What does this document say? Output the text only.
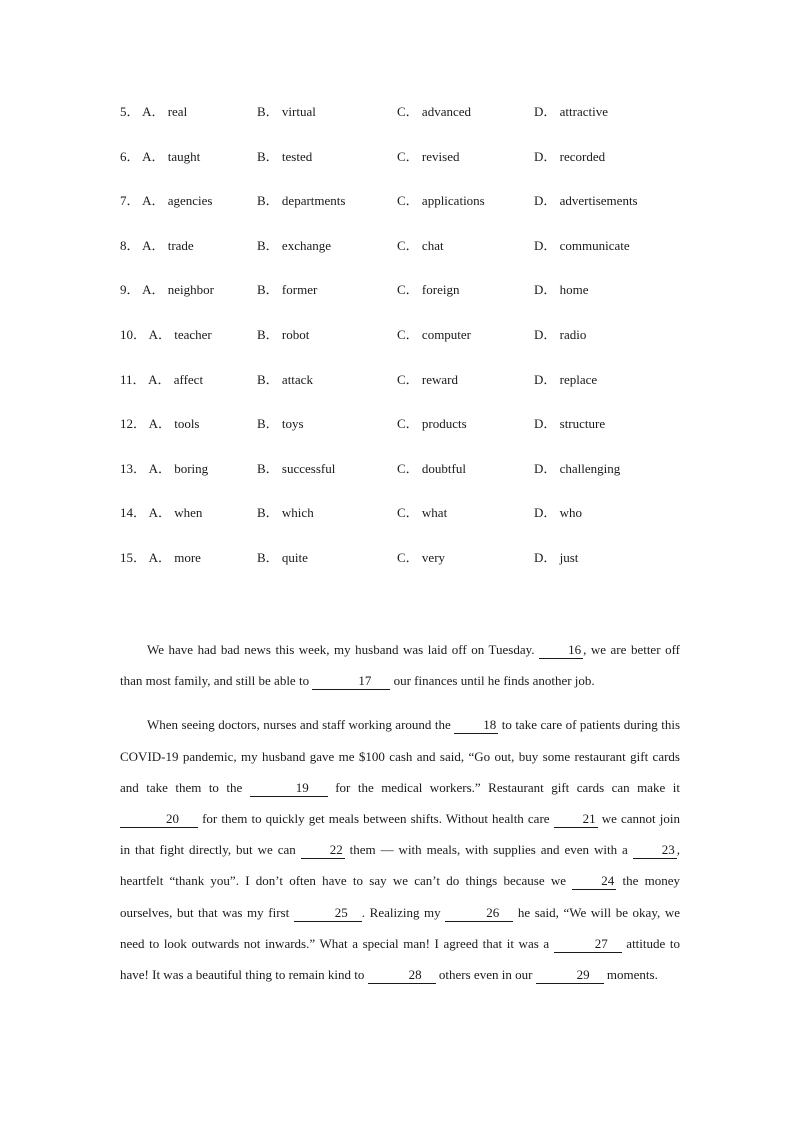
5． A． real	B． virtual	C． advanced	D． attractive
6． A． taught	B． tested	C． revised	D． recorded
7． A． agencies	B． departments	C． applications	D． advertisements
8． A． trade	B． exchange	C． chat	D． communicate
9． A． neighbor	B． former	C． foreign	D． home
10． A． teacher	B． robot	C． computer	D． radio
11． A． affect	B． attack	C． reward	D． replace
12． A． tools	B． toys	C． products	D． structure
13． A． boring	B． successful	C． doubtful	D． challenging
14． A． when	B． which	C． what	D． who
15． A． more	B． quite	C． very	D． just

We have had bad news this week, my husband was laid off on Tuesday. 16 , we are better off than most family, and still be able to	17 our finances until he finds another job.

When seeing doctors, nurses and staff working around the 18 to take care of patients during this COVID-19 pandemic, my husband gave me $100 cash and said, “Go out, buy some restaurant gift cards and take them to the	19 for the medical workers.” Restaurant gift cards can make it 20 for them to quickly get meals between shifts. Without health care 21 we cannot join in that fight directly, but we can 22 them — with meals, with supplies and even with a 23 , heartfelt “thank you”. I don’t often have to say we can’t do things because we 24 the money ourselves, but that was my first	25 . Realizing my	26 he said, “We will be okay, we need to look outwards not inwards.” What a special man! I agreed that it was a	27 attitude to have! It was a beautiful thing to remain kind to	28 others even in our	29 moments.
